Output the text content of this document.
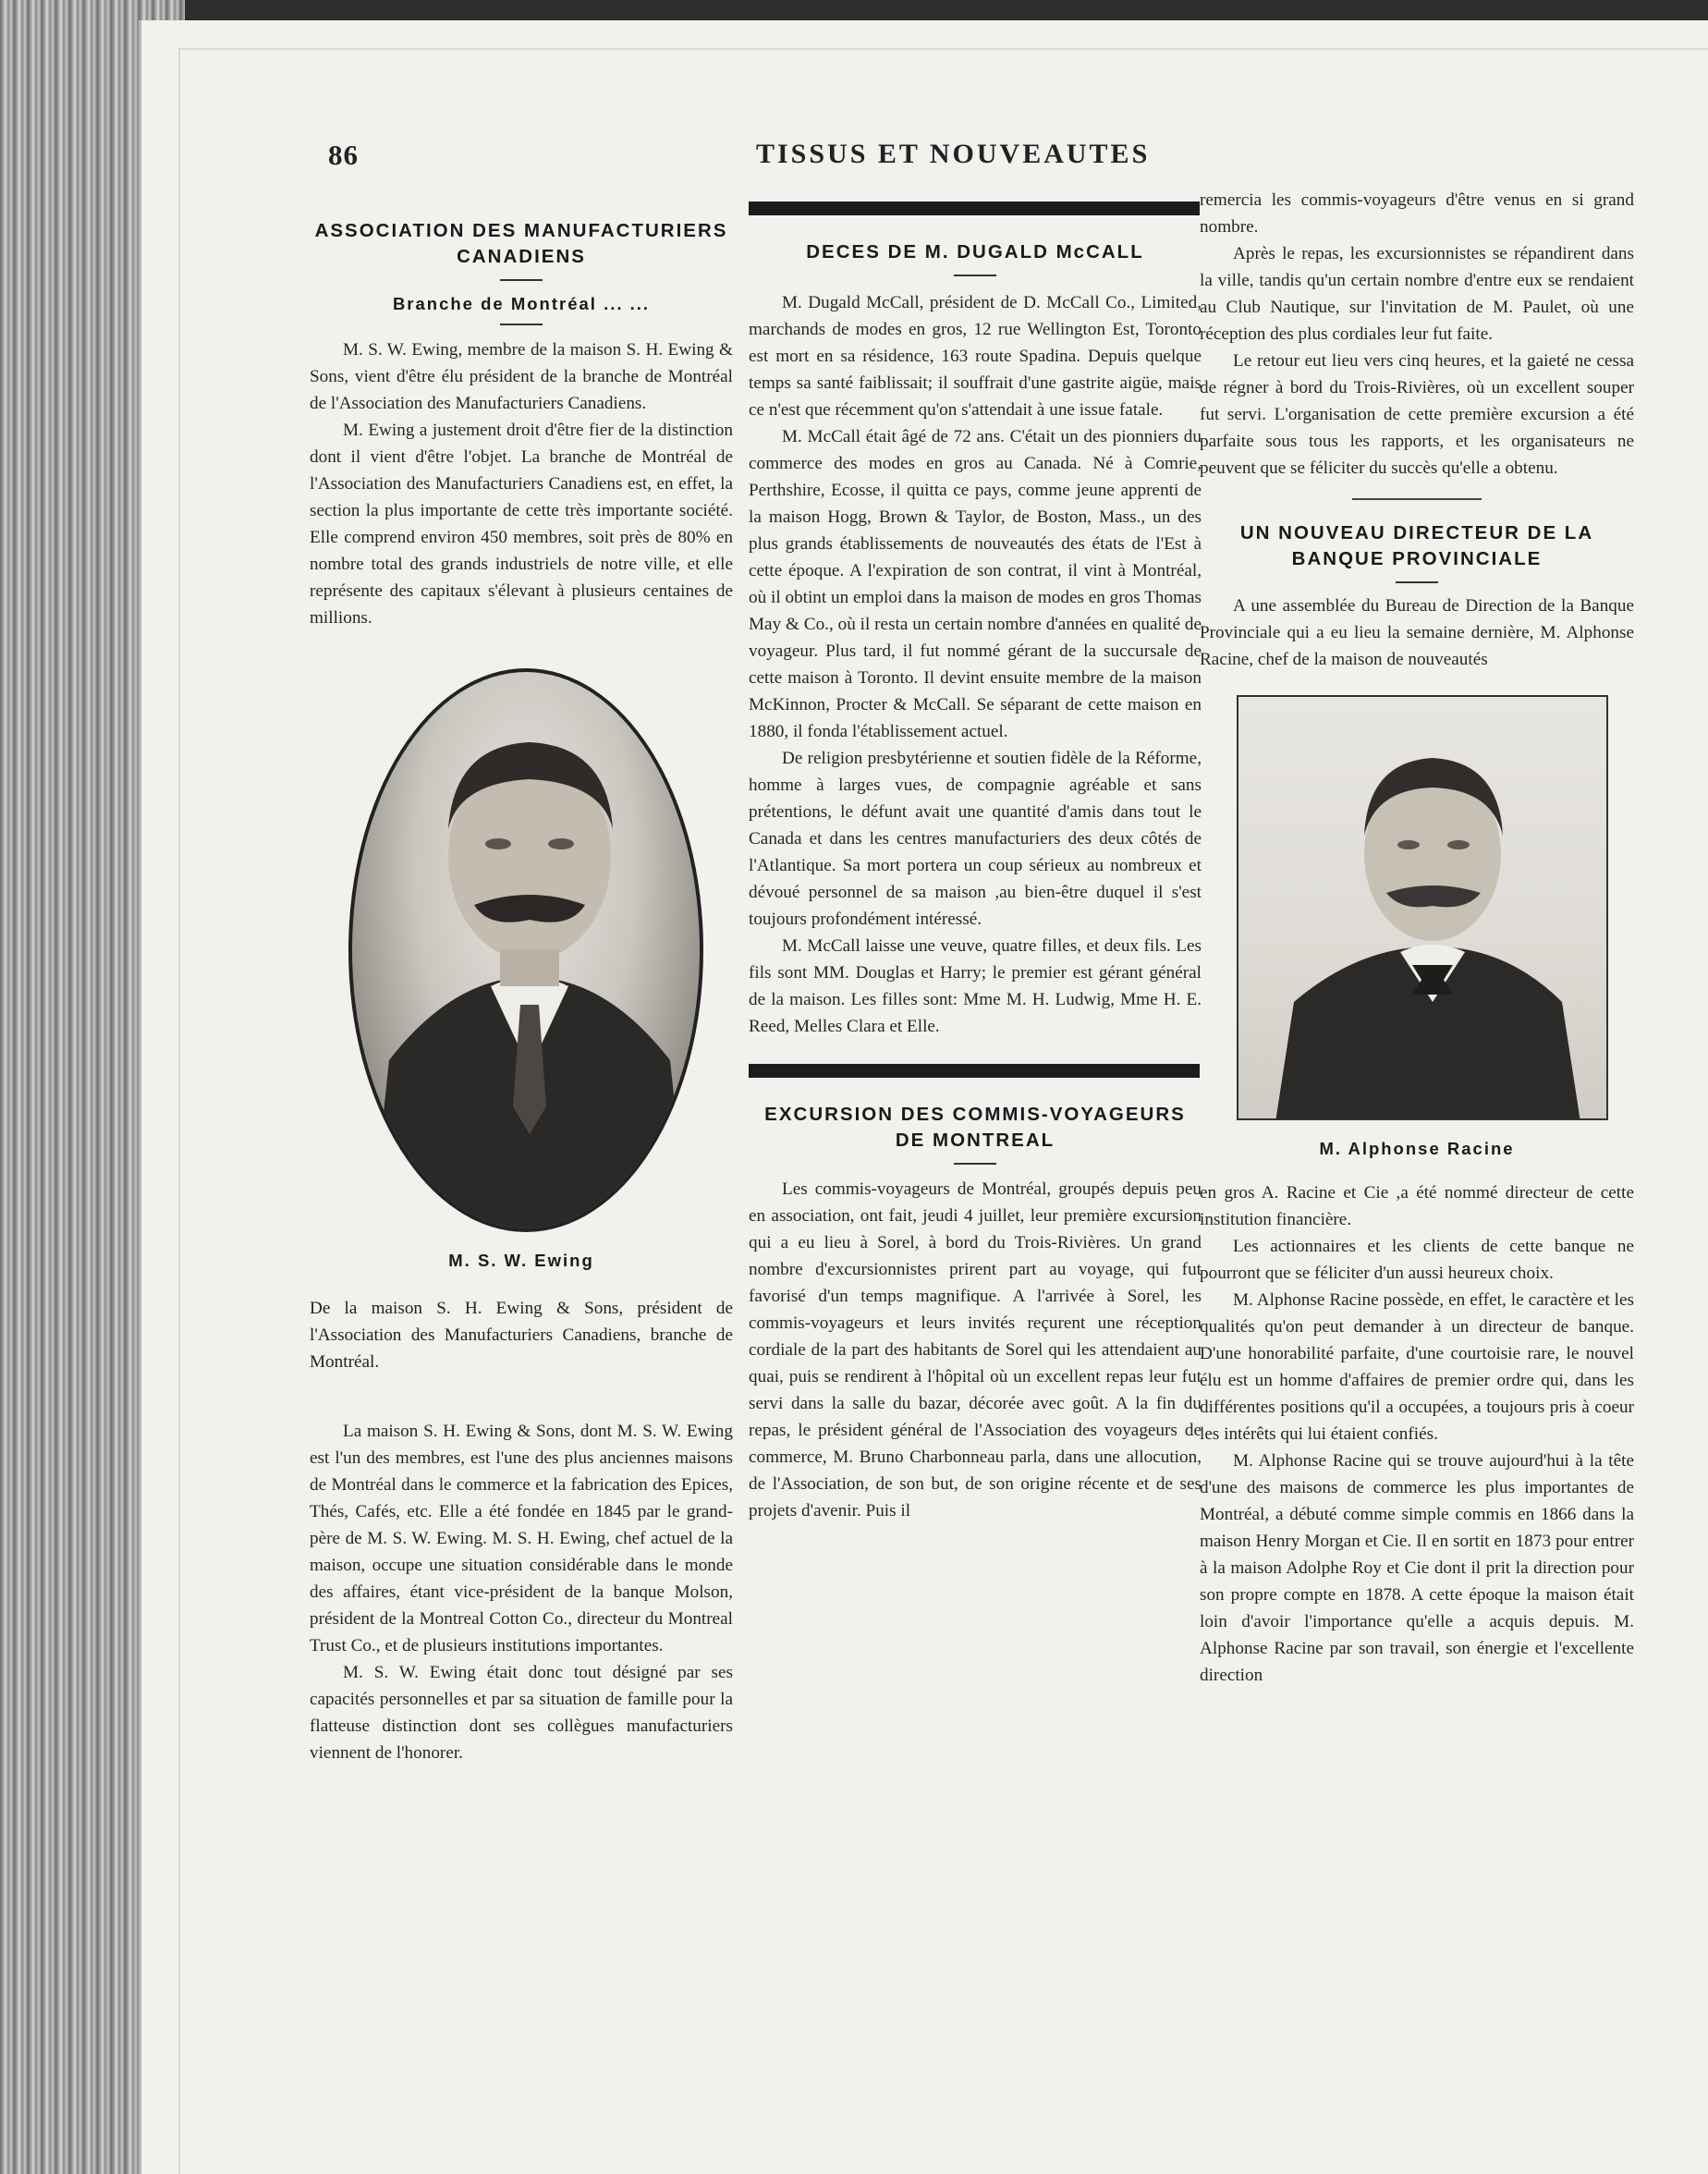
86	TISSUS ET NOUVEAUTES
ASSOCIATION DES MANUFACTURIERS CANADIENS
Branche de Montréal ... ...

M. S. W. Ewing, membre de la maison S. H. Ewing & Sons, vient d'être élu président de la branche de Montréal de l'Association des Manufacturiers Canadiens.

M. Ewing a justement droit d'être fier de la distinction dont il vient d'être l'objet. La branche de Montréal de l'Association des Manufacturiers Canadiens est, en effet, la section la plus importante de cette très importante société. Elle comprend environ 450 membres, soit près de 80% en nombre total des grands industriels de notre ville, et elle représente des capitaux s'élevant à plusieurs centaines de millions.

M. S. W. Ewing

De la maison S. H. Ewing & Sons, président de l'Association des Manufacturiers Canadiens, branche de Montréal.

La maison S. H. Ewing & Sons, dont M. S. W. Ewing est l'un des membres, est l'une des plus anciennes maisons de Montréal dans le commerce et la fabrication des Epices, Thés, Cafés, etc. Elle a été fondée en 1845 par le grand-père de M. S. W. Ewing. M. S. H. Ewing, chef actuel de la maison, occupe une situation considérable dans le monde des affaires, étant vice-président de la banque Molson, président de la Montreal Cotton Co., directeur du Montreal Trust Co., et de plusieurs institutions importantes.

M. S. W. Ewing était donc tout désigné par ses capacités personnelles et par sa situation de famille pour la flatteuse distinction dont ses collègues manufacturiers viennent de l'honorer.

DECES DE M. DUGALD McCALL

M. Dugald McCall, président de D. McCall Co., Limited, marchands de modes en gros, 12 rue Wellington Est, Toronto est mort en sa résidence, 163 route Spadina. Depuis quelque temps sa santé faiblissait; il souffrait d'une gastrite aigüe, mais ce n'est que récemment qu'on s'attendait à une issue fatale.

M. McCall était âgé de 72 ans. C'était un des pionniers du commerce des modes en gros au Canada. Né à Comrie, Perthshire, Ecosse, il quitta ce pays, comme jeune apprenti de la maison Hogg, Brown & Taylor, de Boston, Mass., un des plus grands établissements de nouveautés des états de l'Est à cette époque. A l'expiration de son contrat, il vint à Montréal, où il obtint un emploi dans la maison de modes en gros Thomas May & Co., où il resta un certain nombre d'années en qualité de voyageur. Plus tard, il fut nommé gérant de la succursale de cette maison à Toronto. Il devint ensuite membre de la maison McKinnon, Procter & McCall. Se séparant de cette maison en 1880, il fonda l'établissement actuel.

De religion presbytérienne et soutien fidèle de la Réforme, homme à larges vues, de compagnie agréable et sans prétentions, le défunt avait une quantité d'amis dans tout le Canada et dans les centres manufacturiers des deux côtés de l'Atlantique. Sa mort portera un coup sérieux au nombreux et dévoué personnel de sa maison ,au bien-être duquel il s'est toujours profondément intéressé.

M. McCall laisse une veuve, quatre filles, et deux fils. Les fils sont MM. Douglas et Harry; le premier est gérant général de la maison. Les filles sont: Mme M. H. Ludwig, Mme H. E. Reed, Melles Clara et Elle.

EXCURSION DES COMMIS-VOYAGEURS DE MONTREAL

Les commis-voyageurs de Montréal, groupés depuis peu en association, ont fait, jeudi 4 juillet, leur première excursion qui a eu lieu à Sorel, à bord du Trois-Rivières. Un grand nombre d'excursionnistes prirent part au voyage, qui fut favorisé d'un temps magnifique. A l'arrivée à Sorel, les commis-voyageurs et leurs invités reçurent une réception cordiale de la part des habitants de Sorel qui les attendaient au quai, puis se rendirent à l'hôpital où un excellent repas leur fut servi dans la salle du bazar, décorée avec goût. A la fin du repas, le président général de l'Association des voyageurs de commerce, M. Bruno Charbonneau parla, dans une allocution, de l'Association, de son but, de son origine récente et de ses projets d'avenir. Puis il

remercia les commis-voyageurs d'être venus en si grand nombre.

Après le repas, les excursionnistes se répandirent dans la ville, tandis qu'un certain nombre d'entre eux se rendaient au Club Nautique, sur l'invitation de M. Paulet, où une réception des plus cordiales leur fut faite.

Le retour eut lieu vers cinq heures, et la gaieté ne cessa de régner à bord du Trois-Rivières, où un excellent souper fut servi. L'organisation de cette première excursion a été parfaite sous tous les rapports, et les organisateurs ne peuvent que se féliciter du succès qu'elle a obtenu.

UN NOUVEAU DIRECTEUR DE LA BANQUE PROVINCIALE

A une assemblée du Bureau de Direction de la Banque Provinciale qui a eu lieu la semaine dernière, M. Alphonse Racine, chef de la maison de nouveautés

M. Alphonse Racine

en gros A. Racine et Cie ,a été nommé directeur de cette institution financière.

Les actionnaires et les clients de cette banque ne pourront que se féliciter d'un aussi heureux choix.

M. Alphonse Racine possède, en effet, le caractère et les qualités qu'on peut demander à un directeur de banque. D'une honorabilité parfaite, d'une courtoisie rare, le nouvel élu est un homme d'affaires de premier ordre qui, dans les différentes positions qu'il a occupées, a toujours pris à coeur les intérêts qui lui étaient confiés.

M. Alphonse Racine qui se trouve aujourd'hui à la tête d'une des maisons de commerce les plus importantes de Montréal, a débuté comme simple commis en 1866 dans la maison Henry Morgan et Cie. Il en sortit en 1873 pour entrer à la maison Adolphe Roy et Cie dont il prit la direction pour son propre compte en 1878. A cette époque la maison était loin d'avoir l'importance qu'elle a acquis depuis. M. Alphonse Racine par son travail, son énergie et l'excellente direction
